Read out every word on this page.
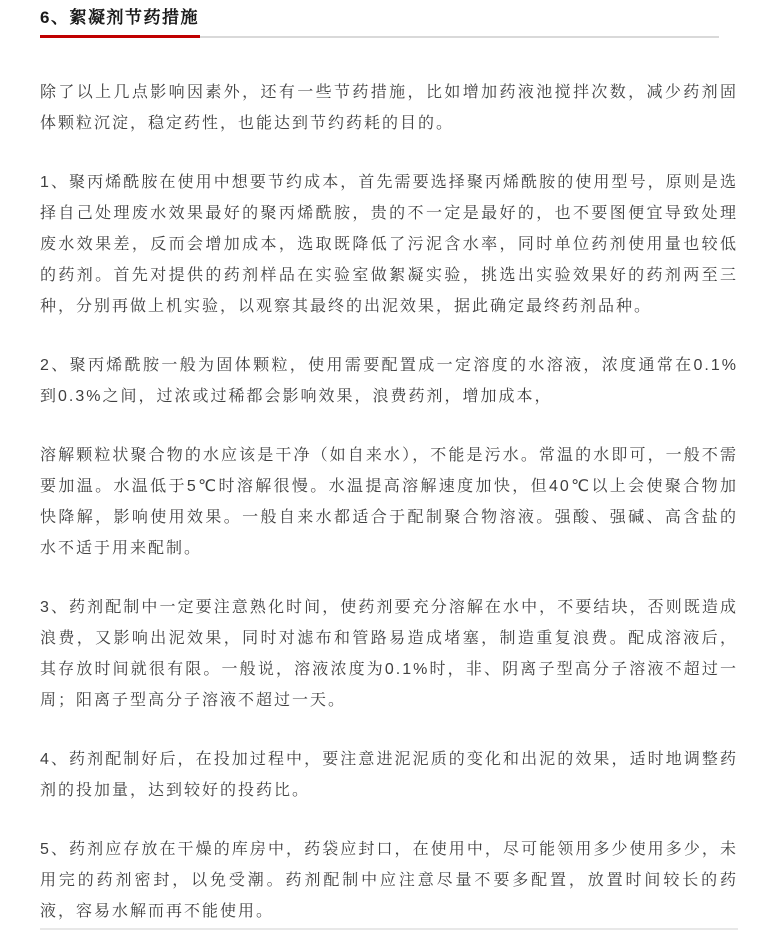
6、絮凝剂节药措施

除了以上几点影响因素外，还有一些节药措施，比如增加药液池搅拌次数，减少药剂固体颗粒沉淀，稳定药性，也能达到节约药耗的目的。

1、聚丙烯酰胺在使用中想要节约成本，首先需要选择聚丙烯酰胺的使用型号，原则是选择自己处理废水效果最好的聚丙烯酰胺，贵的不一定是最好的，也不要图便宜导致处理废水效果差，反而会增加成本，选取既降低了污泥含水率，同时单位药剂使用量也较低的药剂。首先对提供的药剂样品在实验室做絮凝实验，挑选出实验效果好的药剂两至三种，分别再做上机实验，以观察其最终的出泥效果，据此确定最终药剂品种。

2、聚丙烯酰胺一般为固体颗粒，使用需要配置成一定溶度的水溶液，浓度通常在0.1%到0.3%之间，过浓或过稀都会影响效果，浪费药剂，增加成本，

溶解颗粒状聚合物的水应该是干净（如自来水），不能是污水。常温的水即可，一般不需要加温。水温低于5℃时溶解很慢。水温提高溶解速度加快，但40℃以上会使聚合物加快降解，影响使用效果。一般自来水都适合于配制聚合物溶液。强酸、强碱、高含盐的水不适于用来配制。

3、药剂配制中一定要注意熟化时间，使药剂要充分溶解在水中，不要结块，否则既造成浪费，又影响出泥效果，同时对滤布和管路易造成堵塞，制造重复浪费。配成溶液后，其存放时间就很有限。一般说，溶液浓度为0.1%时，非、阴离子型高分子溶液不超过一周；阳离子型高分子溶液不超过一天。

4、药剂配制好后，在投加过程中，要注意进泥泥质的变化和出泥的效果，适时地调整药剂的投加量，达到较好的投药比。

5、药剂应存放在干燥的库房中，药袋应封口，在使用中，尽可能领用多少使用多少，未用完的药剂密封，以免受潮。药剂配制中应注意尽量不要多配置，放置时间较长的药液，容易水解而再不能使用。
